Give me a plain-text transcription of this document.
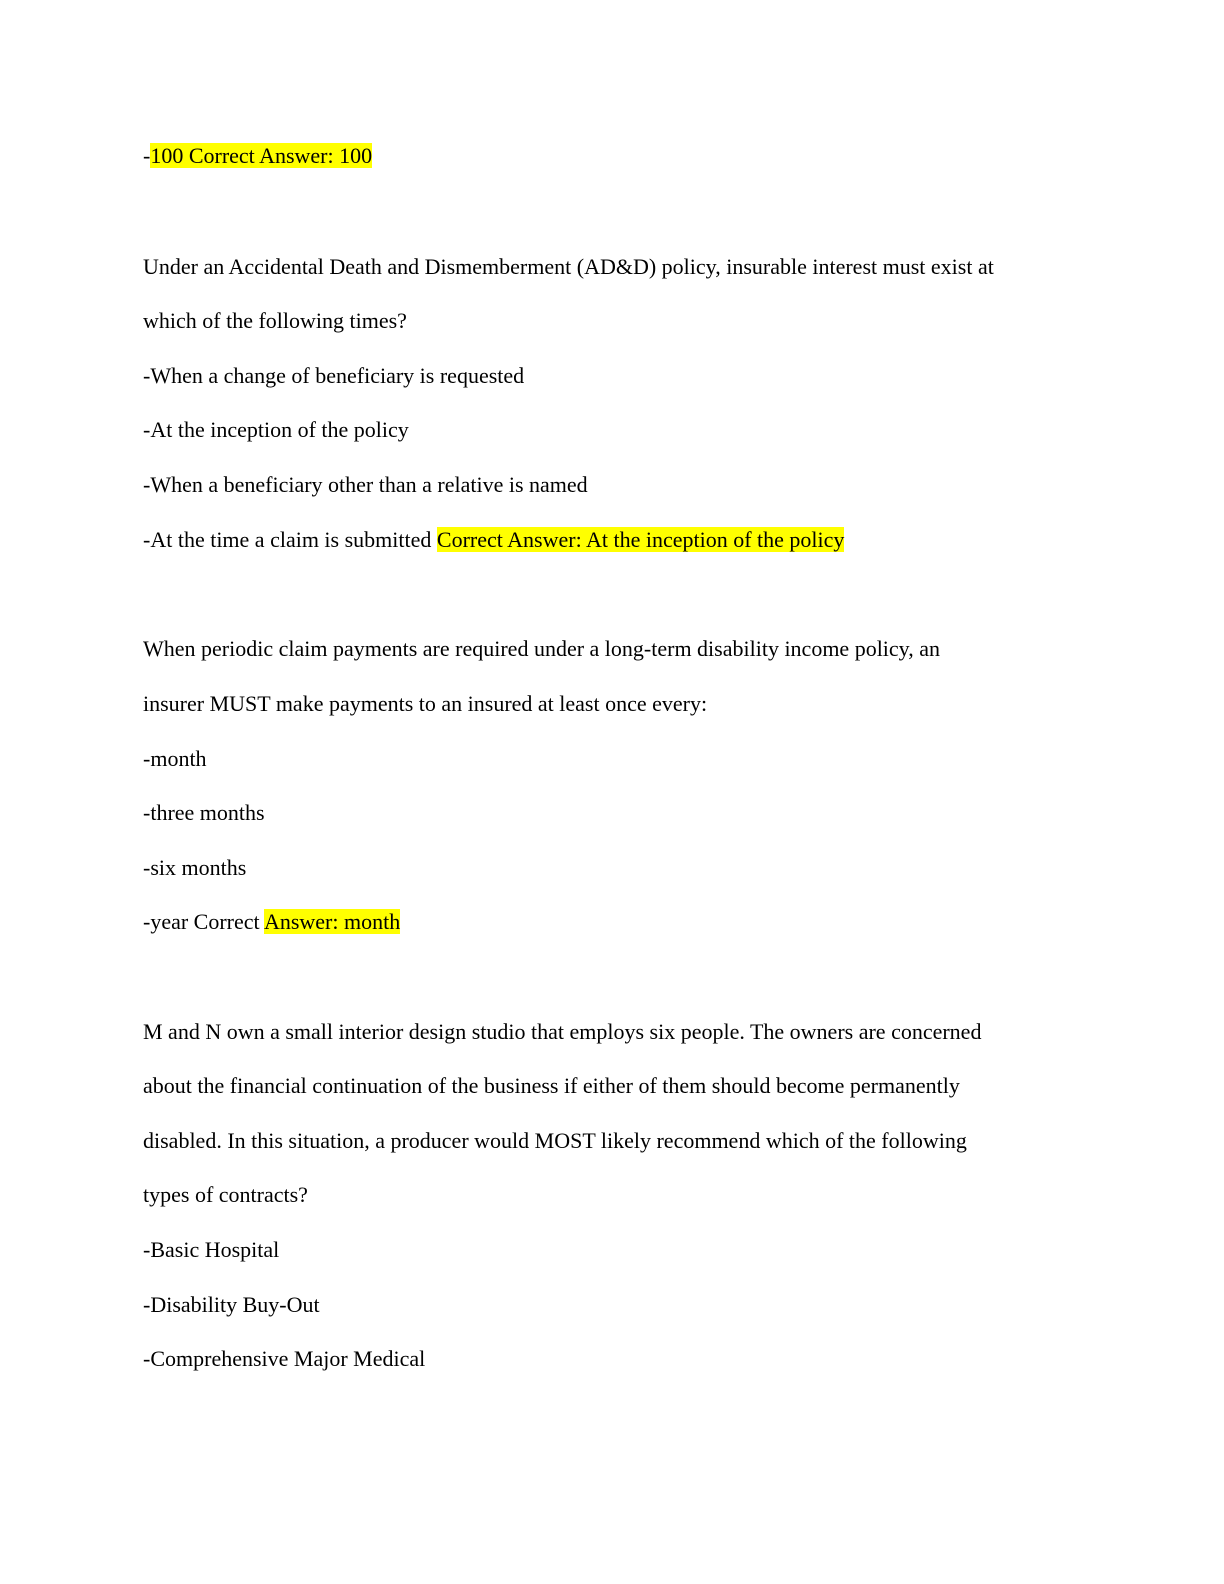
-100 Correct Answer: 100

Under an Accidental Death and Dismemberment (AD&D) policy, insurable interest must exist at

which of the following times?

-When a change of beneficiary is requested

-At the inception of the policy

-When a beneficiary other than a relative is named

-At the time a claim is submitted Correct Answer: At the inception of the policy

When periodic claim payments are required under a long-term disability income policy, an

insurer MUST make payments to an insured at least once every:

-month

-three months

-six months

-year Correct Answer: month

M and N own a small interior design studio that employs six people. The owners are concerned

about the financial continuation of the business if either of them should become permanently

disabled. In this situation, a producer would MOST likely recommend which of the following

types of contracts?

-Basic Hospital

-Disability Buy-Out

-Comprehensive Major Medical
